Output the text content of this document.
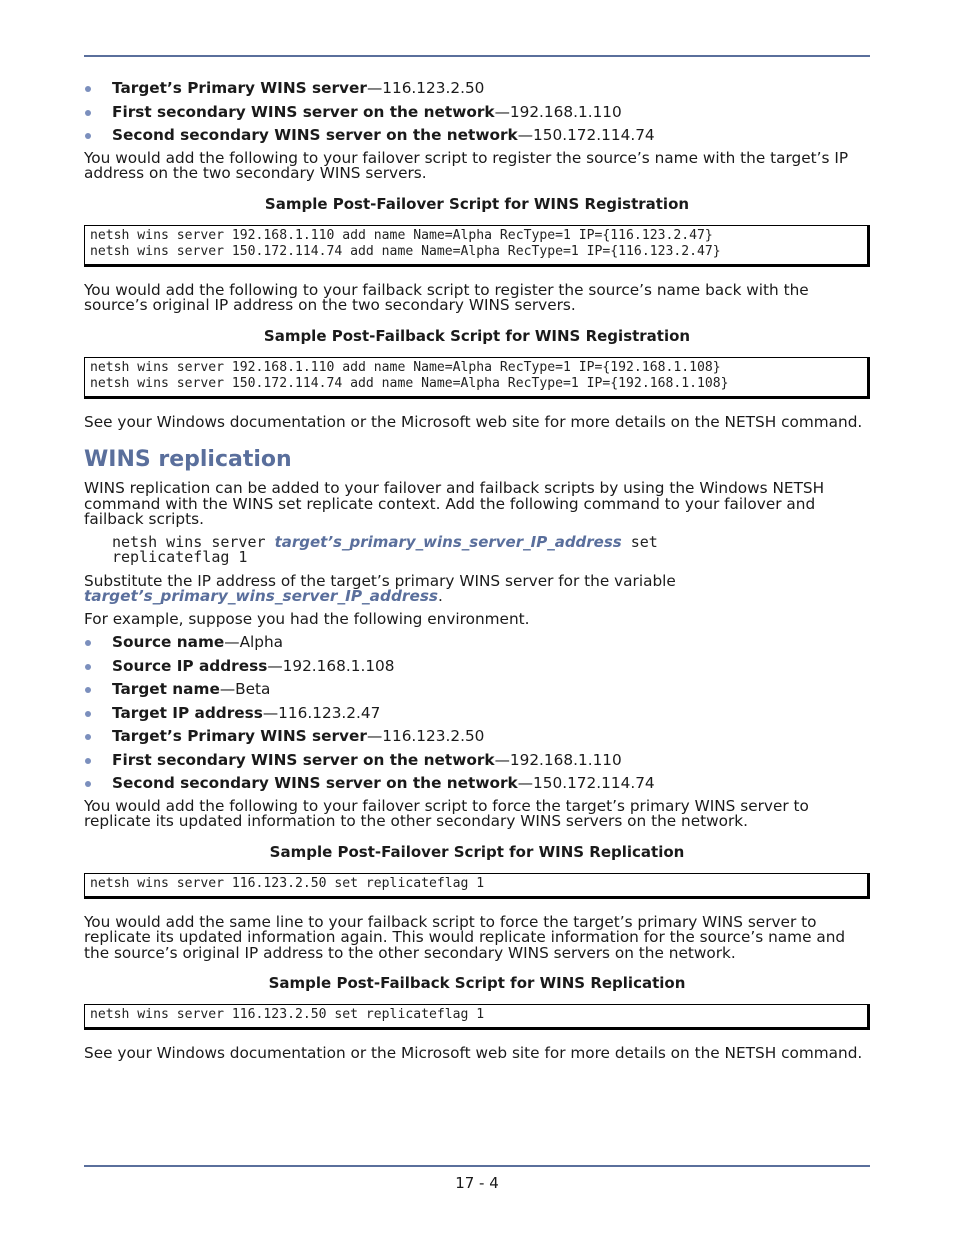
Target’s Primary WINS server—116.123.2.50
First secondary WINS server on the network—192.168.1.110
Second secondary WINS server on the network—150.172.114.74

You would add the following to your failover script to register the source’s name with the target’s IP
address on the two secondary WINS servers.

Sample Post-Failover Script for WINS Registration
netsh wins server 192.168.1.110 add name Name=Alpha RecType=1 IP={116.123.2.47}
netsh wins server 150.172.114.74 add name Name=Alpha RecType=1 IP={116.123.2.47}

You would add the following to your failback script to register the source’s name back with the
source’s original IP address on the two secondary WINS servers.

Sample Post-Failback Script for WINS Registration
netsh wins server 192.168.1.110 add name Name=Alpha RecType=1 IP={192.168.1.108}
netsh wins server 150.172.114.74 add name Name=Alpha RecType=1 IP={192.168.1.108}

See your Windows documentation or the Microsoft web site for more details on the NETSH command.

WINS replication

WINS replication can be added to your failover and failback scripts by using the Windows NETSH
command with the WINS set replicate context. Add the following command to your failover and
failback scripts.

netsh wins server target’s_primary_wins_server_IP_address set
replicateflag 1

Substitute the IP address of the target’s primary WINS server for the variable
target’s_primary_wins_server_IP_address.

For example, suppose you had the following environment.

Source name—Alpha
Source IP address—192.168.1.108
Target name—Beta
Target IP address—116.123.2.47
Target’s Primary WINS server—116.123.2.50
First secondary WINS server on the network—192.168.1.110
Second secondary WINS server on the network—150.172.114.74

You would add the following to your failover script to force the target’s primary WINS server to
replicate its updated information to the other secondary WINS servers on the network.

Sample Post-Failover Script for WINS Replication
netsh wins server 116.123.2.50 set replicateflag 1

You would add the same line to your failback script to force the target’s primary WINS server to
replicate its updated information again. This would replicate information for the source’s name and
the source’s original IP address to the other secondary WINS servers on the network.

Sample Post-Failback Script for WINS Replication
netsh wins server 116.123.2.50 set replicateflag 1

See your Windows documentation or the Microsoft web site for more details on the NETSH command.

17 - 4
